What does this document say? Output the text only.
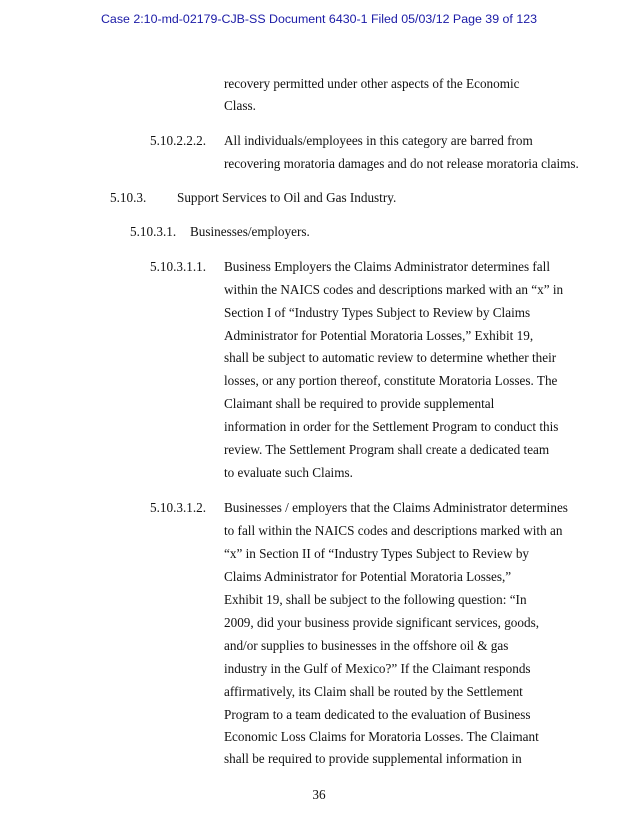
Case 2:10-md-02179-CJB-SS Document 6430-1 Filed 05/03/12 Page 39 of 123
recovery permitted under other aspects of the Economic
Class.
5.10.2.2.2. All individuals/employees in this category are barred from
recovering moratoria damages and do not release moratoria claims.
5.10.3. Support Services to Oil and Gas Industry.
5.10.3.1. Businesses/employers.
5.10.3.1.1. Business Employers the Claims Administrator determines fall
within the NAICS codes and descriptions marked with an “x” in
Section I of “Industry Types Subject to Review by Claims
Administrator for Potential Moratoria Losses,” Exhibit 19,
shall be subject to automatic review to determine whether their
losses, or any portion thereof, constitute Moratoria Losses. The
Claimant shall be required to provide supplemental
information in order for the Settlement Program to conduct this
review. The Settlement Program shall create a dedicated team
to evaluate such Claims.
5.10.3.1.2. Businesses / employers that the Claims Administrator determines
to fall within the NAICS codes and descriptions marked with an
“x” in Section II of “Industry Types Subject to Review by
Claims Administrator for Potential Moratoria Losses,”
Exhibit 19, shall be subject to the following question: “In
2009, did your business provide significant services, goods,
and/or supplies to businesses in the offshore oil & gas
industry in the Gulf of Mexico?” If the Claimant responds
affirmatively, its Claim shall be routed by the Settlement
Program to a team dedicated to the evaluation of Business
Economic Loss Claims for Moratoria Losses. The Claimant
shall be required to provide supplemental information in
36
